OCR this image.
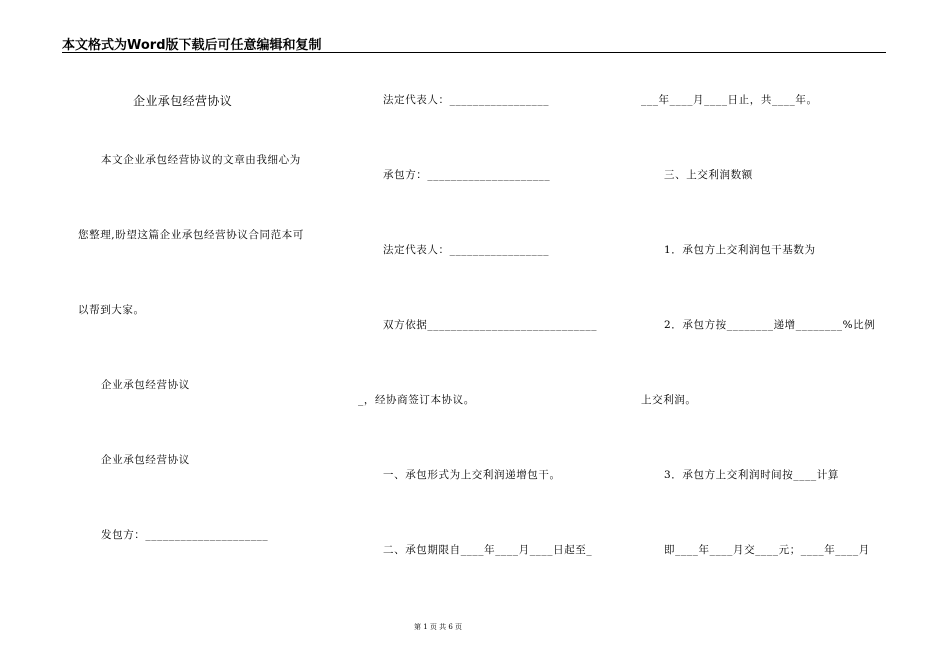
本文格式为Word版下载后可任意编辑和复制
企业承包经营协议
本文企业承包经营协议的文章由我细心为
您整理,盼望这篇企业承包经营协议合同范本可
以帮到大家。
企业承包经营协议
企业承包经营协议
发包方：_____________________
法定代表人：_________________
承包方：_____________________
法定代表人：_________________
双方依据_____________________________
_，经协商签订本协议。
一、承包形式为上交利润递增包干。
二、承包期限自____年____月____日起至_
___年____月____日止，共____年。
三、上交利润数额
1．承包方上交利润包干基数为
2．承包方按________递增________%比例
上交利润。
3．承包方上交利润时间按____计算
即____年____月交____元；____年____月
第 1 页 共 6 页
